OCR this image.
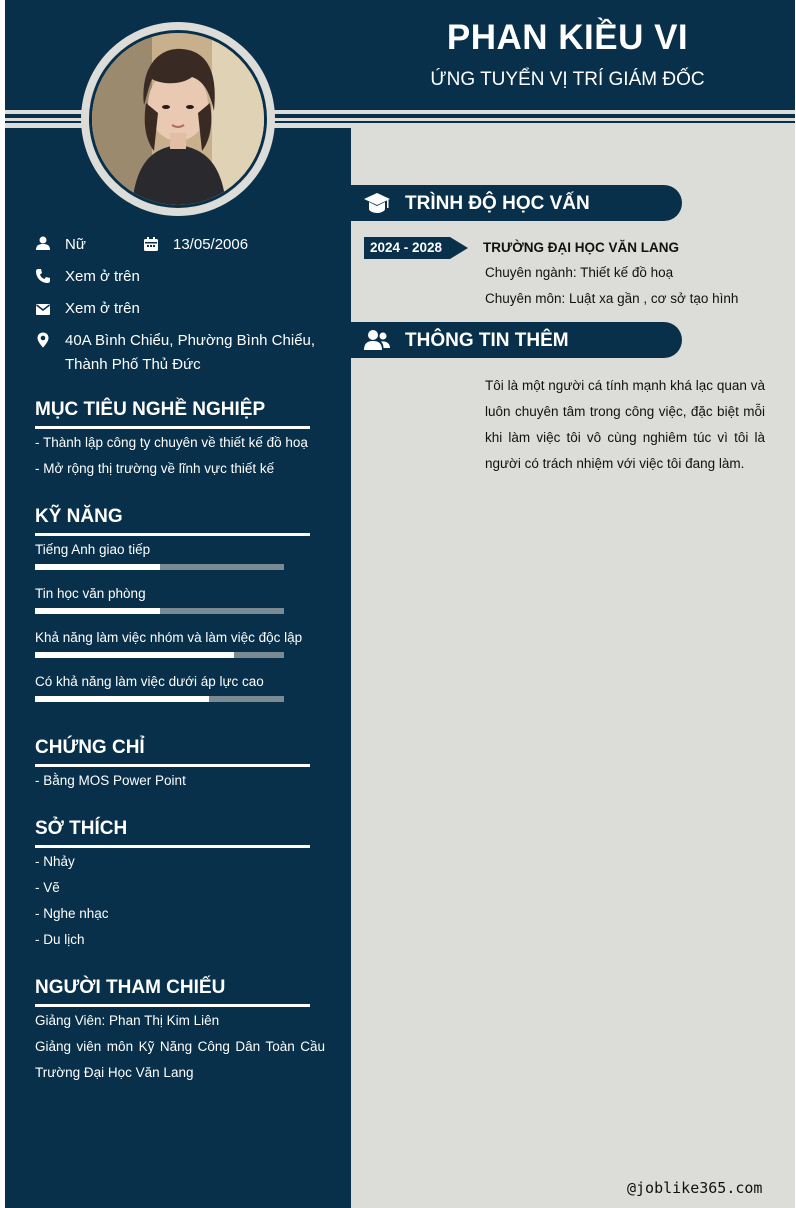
PHAN KIỀU VI
ỨNG TUYỂN VỊ TRÍ GIÁM ĐỐC
Nữ	13/05/2006
Xem ở trên
Xem ở trên
40A Bình Chiểu, Phường Bình Chiểu,
Thành Phố Thủ Đức
MỤC TIÊU NGHỀ NGHIỆP
- Thành lập công ty chuyên về thiết kế đồ hoạ
- Mở rộng thị trường về lĩnh vực thiết kế
KỸ NĂNG
Tiếng Anh giao tiếp
Tin học văn phòng
Khả năng làm việc nhóm và làm việc độc lập
Có khả năng làm việc dưới áp lực cao
CHỨNG CHỈ
- Bằng MOS Power Point
SỞ THÍCH
- Nhảy
- Vẽ
- Nghe nhạc
- Du lịch
NGƯỜI THAM CHIẾU
Giảng Viên: Phan Thị Kim Liên
Giảng viên môn Kỹ Năng Công Dân Toàn Cầu
Trường Đại Học Văn Lang
TRÌNH ĐỘ HỌC VẤN
2024 - 2028	TRƯỜNG ĐẠI HỌC VĂN LANG
Chuyên ngành: Thiết kế đồ hoạ
Chuyên môn: Luật xa gần , cơ sở tạo hình
THÔNG TIN THÊM
Tôi là một người cá tính mạnh khá lạc quan và luôn chuyên tâm trong công việc, đặc biệt mỗi khi làm việc tôi vô cùng nghiêm túc vì tôi là người có trách nhiệm với việc tôi đang làm.
@joblike365.com
